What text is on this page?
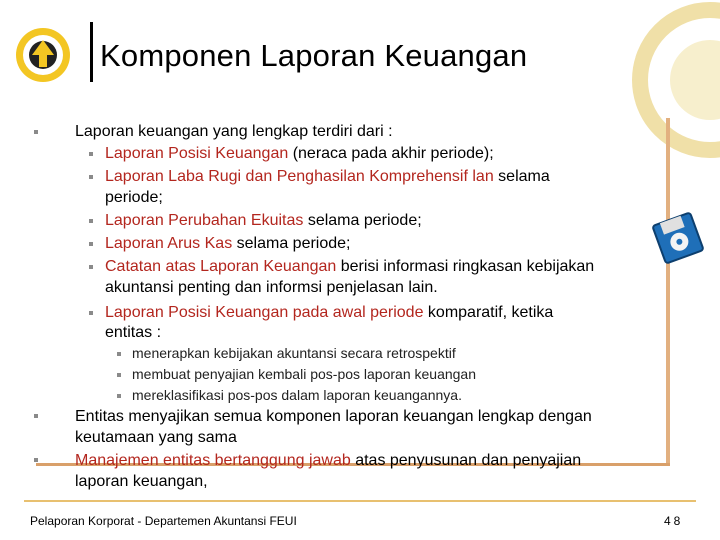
Komponen Laporan Keuangan
Laporan keuangan yang lengkap terdiri dari :
Laporan Posisi Keuangan (neraca pada akhir periode);
Laporan Laba Rugi dan Penghasilan Komprehensif lan selama
periode;
Laporan Perubahan Ekuitas selama periode;
Laporan Arus Kas selama periode;
Catatan atas Laporan Keuangan berisi informasi ringkasan kebijakan
akuntansi penting dan informsi penjelasan lain.
Laporan Posisi Keuangan pada awal periode komparatif, ketika
entitas :
menerapkan kebijakan akuntansi secara retrospektif
membuat penyajian kembali pos-pos laporan keuangan
mereklasifikasi pos-pos dalam laporan keuangannya.
Entitas menyajikan semua komponen laporan keuangan lengkap dengan
keutamaan yang sama
Manajemen entitas bertanggung jawab atas penyusunan dan penyajian
laporan keuangan,
Pelaporan Korporat - Departemen Akuntansi FEUI	48
